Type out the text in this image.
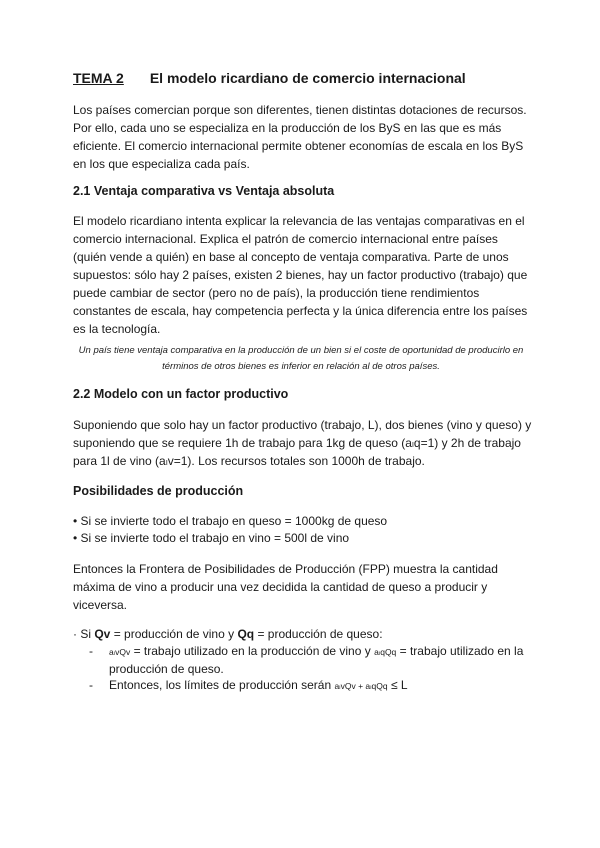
TEMA 2 El modelo ricardiano de comercio internacional
Los países comercian porque son diferentes, tienen distintas dotaciones de recursos. Por ello, cada uno se especializa en la producción de los ByS en las que es más eficiente. El comercio internacional permite obtener economías de escala en los ByS en los que especializa cada país.
2.1 Ventaja comparativa vs Ventaja absoluta
El modelo ricardiano intenta explicar la relevancia de las ventajas comparativas en el comercio internacional. Explica el patrón de comercio internacional entre países (quién vende a quién) en base al concepto de ventaja comparativa. Parte de unos supuestos: sólo hay 2 países, existen 2 bienes, hay un factor productivo (trabajo) que puede cambiar de sector (pero no de país), la producción tiene rendimientos constantes de escala, hay competencia perfecta y la única diferencia entre los países es la tecnología.
Un país tiene ventaja comparativa en la producción de un bien si el coste de oportunidad de producirlo en términos de otros bienes es inferior en relación al de otros países.
2.2 Modelo con un factor productivo
Suponiendo que solo hay un factor productivo (trabajo, L), dos bienes (vino y queso) y suponiendo que se requiere 1h de trabajo para 1kg de queso (aₗq=1) y 2h de trabajo para 1l de vino (aₗv=1). Los recursos totales son 1000h de trabajo.
Posibilidades de producción
• Si se invierte todo el trabajo en queso = 1000kg de queso
• Si se invierte todo el trabajo en vino = 500l de vino
Entonces la Frontera de Posibilidades de Producción (FPP) muestra la cantidad máxima de vino a producir una vez decidida la cantidad de queso a producir y viceversa.
· Si Qv = producción de vino y Qq = producción de queso:
- aₗvQv = trabajo utilizado en la producción de vino y aₗqQq = trabajo utilizado en la producción de queso.
- Entonces, los límites de producción serán aₗvQv + aₗqQq ≤ L
